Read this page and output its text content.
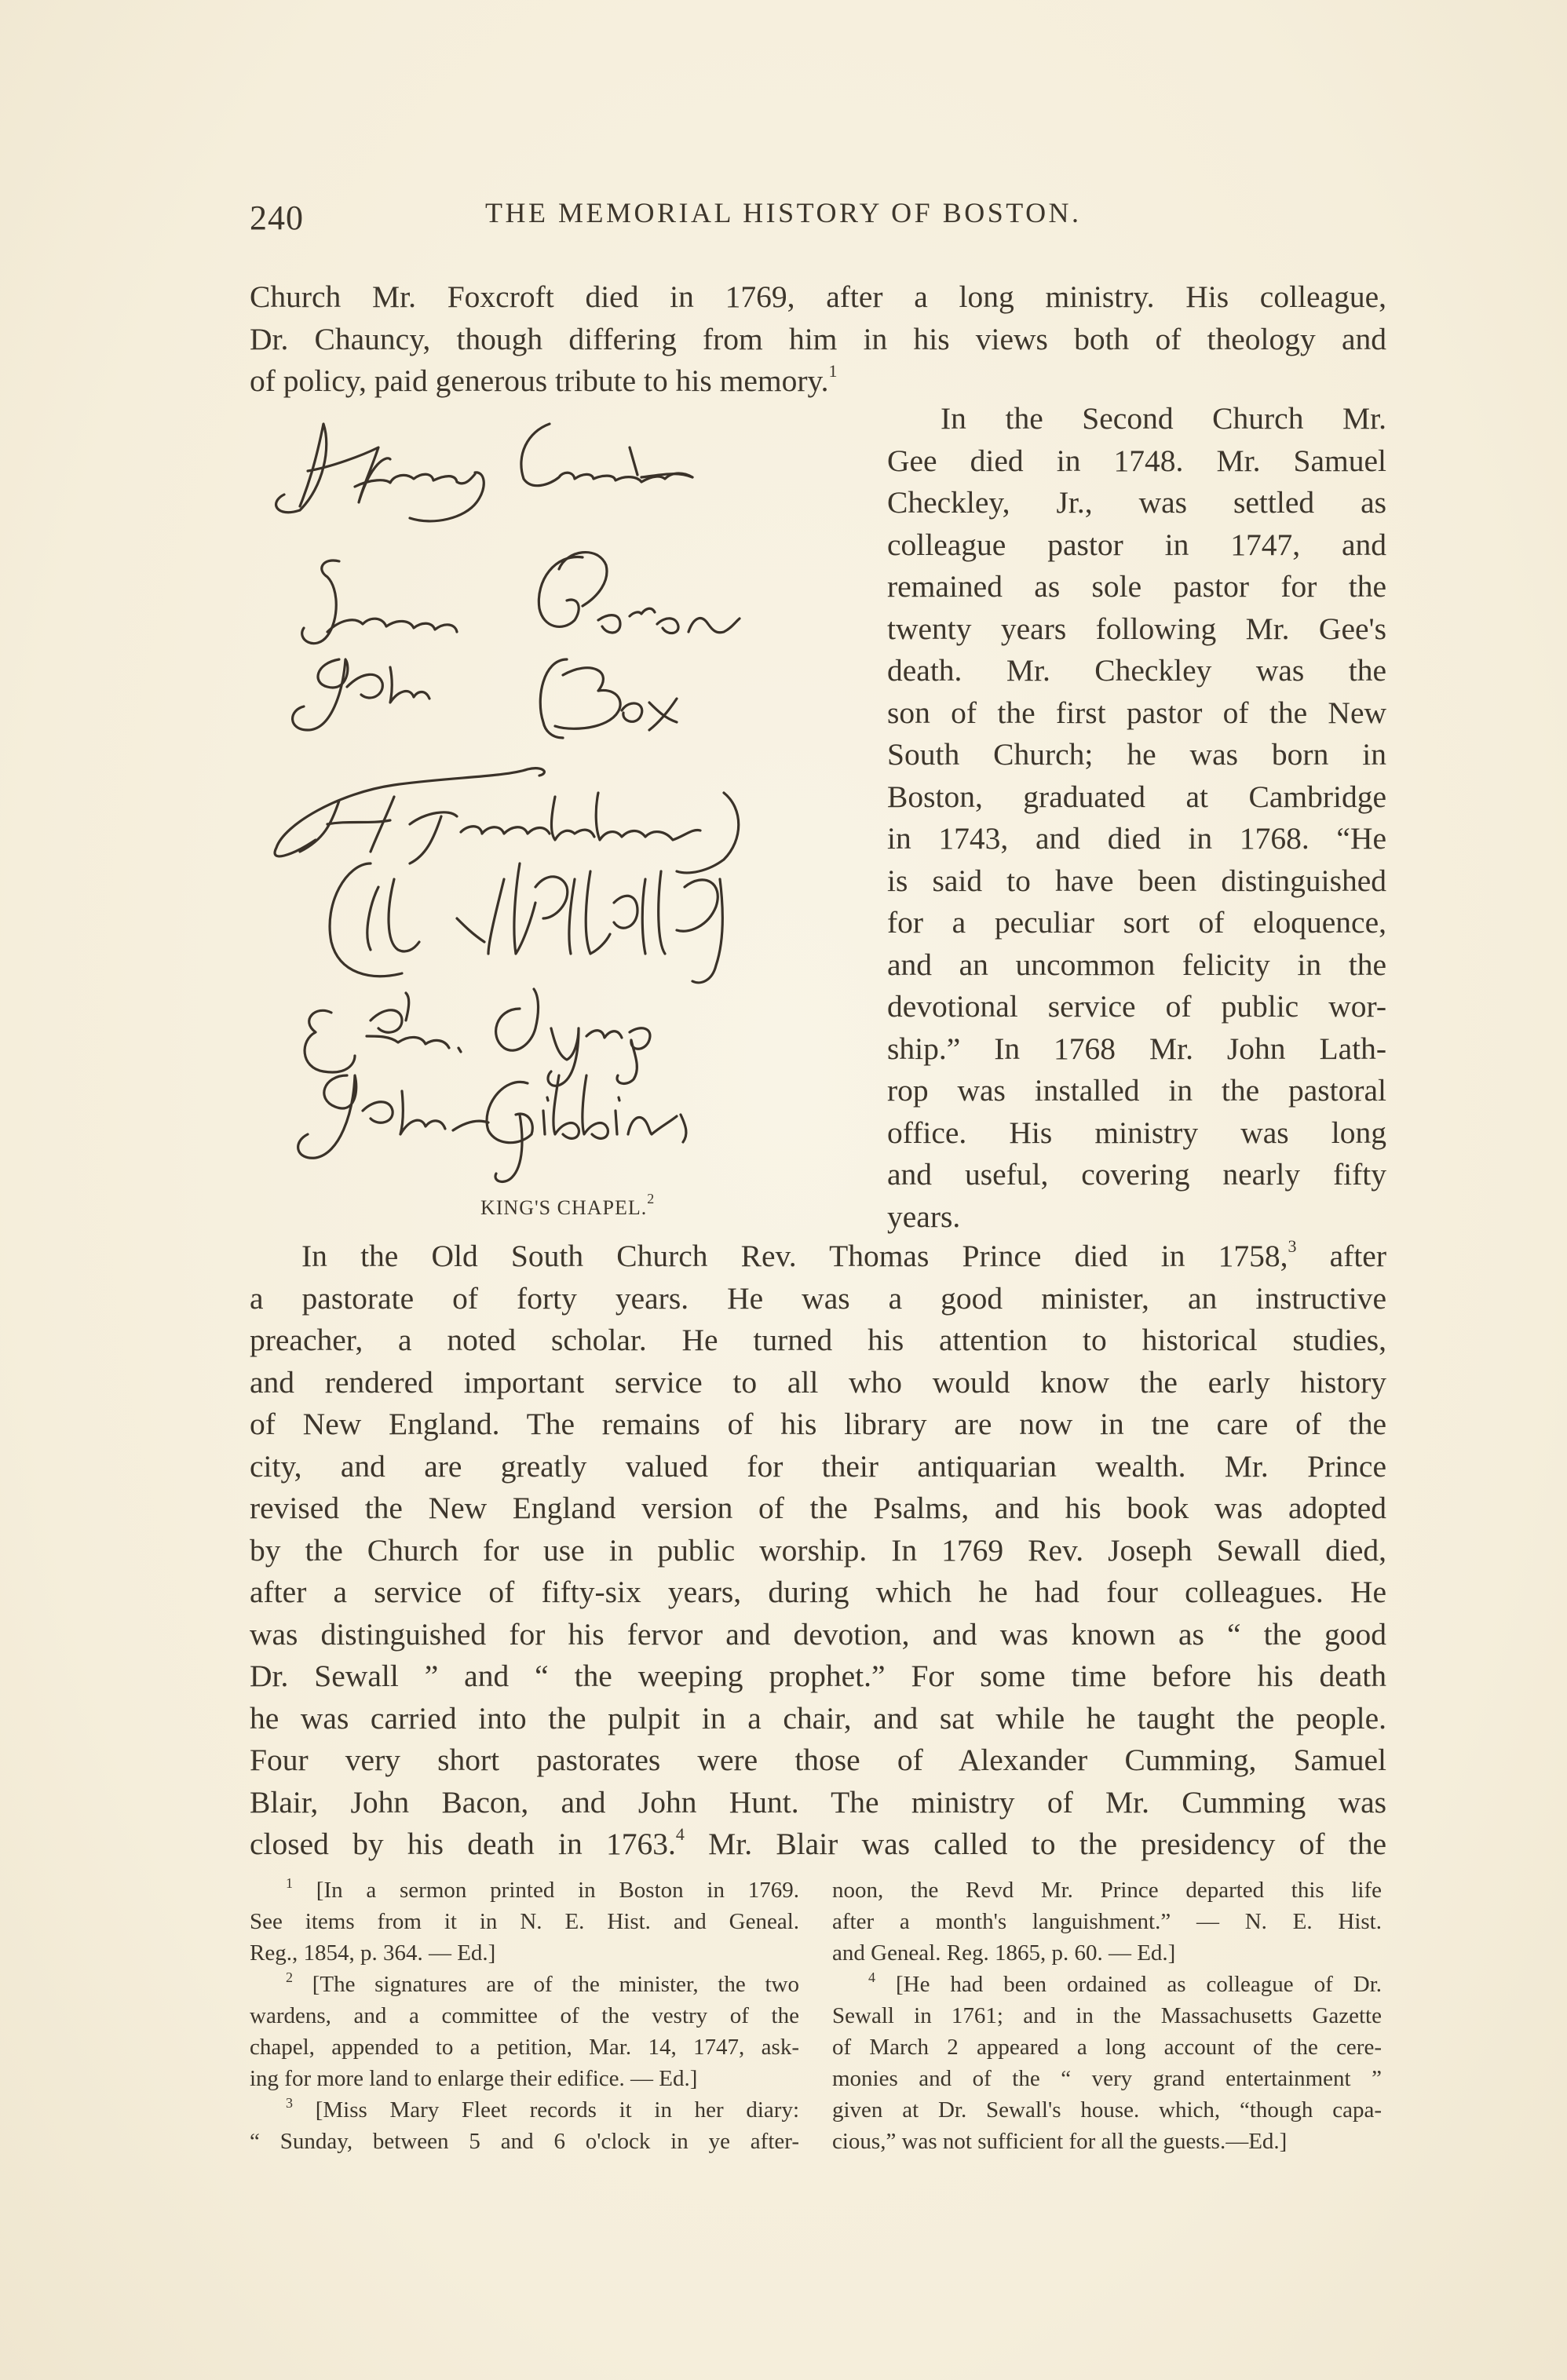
240	THE MEMORIAL HISTORY OF BOSTON.
Church Mr. Foxcroft died in 1769, after a long ministry. His colleague,
Dr. Chauncy, though differing from him in his views both of theology and
of policy, paid generous tribute to his memory.$^1$
In the Second Church Mr.
Gee died in 1748. Mr. Samuel
Checkley, Jr., was settled as
colleague pastor in 1747, and
remained as sole pastor for the
twenty years following Mr. Gee's
death. Mr. Checkley was the
son of the first pastor of the New
South Church; he was born in
Boston, graduated at Cambridge
in 1743, and died in 1768. “He
is said to have been distinguished
for a peculiar sort of eloquence,
and an uncommon felicity in the
devotional service of public wor-
ship.” In 1768 Mr. John Lath-
rop was installed in the pastoral
office. His ministry was long
and useful, covering nearly fifty
years.
KING'S CHAPEL.$^2$
In the Old South Church Rev. Thomas Prince died in 1758,$^3$ after
a pastorate of forty years. He was a good minister, an instructive
preacher, a noted scholar. He turned his attention to historical studies,
and rendered important service to all who would know the early history
of New England. The remains of his library are now in tne care of the
city, and are greatly valued for their antiquarian wealth. Mr. Prince
revised the New England version of the Psalms, and his book was adopted
by the Church for use in public worship. In 1769 Rev. Joseph Sewall died,
after a service of fifty-six years, during which he had four colleagues. He
was distinguished for his fervor and devotion, and was known as “ the good
Dr. Sewall ” and “ the weeping prophet.” For some time before his death
he was carried into the pulpit in a chair, and sat while he taught the people.
Four very short pastorates were those of Alexander Cumming, Samuel
Blair, John Bacon, and John Hunt. The ministry of Mr. Cumming was
closed by his death in 1763.$^4$ Mr. Blair was called to the presidency of the
$^1$ [In a sermon printed in Boston in 1769.
See items from it in N. E. Hist. and Geneal.
Reg., 1854, p. 364. — Ed.]
$^2$ [The signatures are of the minister, the two
wardens, and a committee of the vestry of the
chapel, appended to a petition, Mar. 14, 1747, ask-
ing for more land to enlarge their edifice. — Ed.]
$^3$ [Miss Mary Fleet records it in her diary:
“ Sunday, between 5 and 6 o'clock in ye after-
noon, the Revd Mr. Prince departed this life
after a month's languishment.” — N. E. Hist.
and Geneal. Reg. 1865, p. 60. — Ed.]
$^4$ [He had been ordained as colleague of Dr.
Sewall in 1761; and in the Massachusetts Gazette
of March 2 appeared a long account of the cere-
monies and of the “ very grand entertainment ”
given at Dr. Sewall's house. which, “though capa-
cious,” was not sufficient for all the guests.—Ed.]
